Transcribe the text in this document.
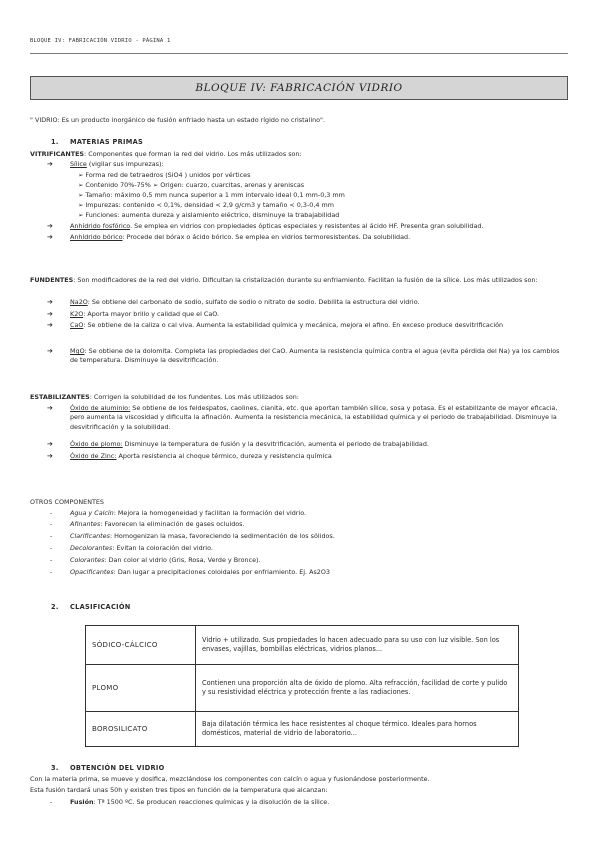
BLOQUE IV: FABRICACIÓN VIDRIO - PÁGINA 1
BLOQUE IV: FABRICACIÓN VIDRIO
" VIDRIO: Es un producto inorgánico de fusión enfriado hasta un estado rígido no cristalino".
1. MATERIAS PRIMAS
VITRIFICANTES: Componentes que forman la red del vidrio. Los más utilizados son:
➔	Sílice (vigilar sus impurezas):
➢ Forma red de tetraedros (SiO4 ) unidos por vértices
➢ Contenido 70%-75% ➢ Origen: cuarzo, cuarcitas, arenas y areniscas
➢ Tamaño: máximo 0,5 mm nunca superior a 1 mm intervalo ideal 0,1 mm-0,3 mm
➢ Impurezas: contenido < 0,1%, densidad < 2,9 g/cm3 y tamaño < 0,3-0,4 mm
➢ Funciones: aumenta dureza y aislamiento eléctrico, disminuye la trabajabilidad
➔	Anhídrido fosfórico. Se emplea en vidrios con propiedades ópticas especiales y resistentes al ácido HF. Presenta gran solubilidad.
➔	Anhídrido bórico: Procede del bórax o ácido bórico. Se emplea en vidrios termoresistentes. Da solubilidad.
FUNDENTES: Son modificadores de la red del vidrio. Dificultan la cristalización durante su enfriamiento. Facilitan la fusión de la sílice. Los más utilizados son:
➔	Na2O: Se obtiene del carbonato de sodio, sulfato de sodio o nitrato de sodio. Debilita la estructura del vidrio.
➔	K2O: Aporta mayor brillo y calidad que el CaO.
➔	CaO: Se obtiene de la caliza o cal viva. Aumenta la estabilidad química y mecánica, mejora el afino. En exceso produce desvitrificación
➔	MgO: Se obtiene de la dolomita. Completa las propiedades del CaO. Aumenta la resistencia química contra el agua (evita pérdida del Na) ya los cambios de temperatura. Disminuye la desvitrificación.
ESTABILIZANTES: Corrigen la solubilidad de los fundentes. Los más utilizados son:
➔	Óxido de aluminio: Se obtiene de los feldespatos, caolines, cianita, etc. que aportan también sílice, sosa y potasa. Es el estabilizante de mayor eficacia, pero aumenta la viscosidad y dificulta la afinación. Aumenta la resistencia mecánica, la estabilidad química y el periodo de trabajabilidad. Disminuye la desvitrificación y la solubilidad.
➔	Óxido de plomo: Disminuye la temperatura de fusión y la desvitrificación, aumenta el periodo de trabajabilidad.
➔	Óxido de Zinc: Aporta resistencia al choque térmico, dureza y resistencia química
OTROS COMPONENTES
-	Agua y Calcín: Mejora la homogeneidad y facilitan la formación del vidrio.
-	Afinantes: Favorecen la eliminación de gases ocluidos.
-	Clarificantes: Homogenizan la masa, favoreciendo la sedimentación de los sólidos.
-	Decolorantes: Evitan la coloración del vidrio.
-	Colorantes: Dan color al vidrio (Gris, Rosa, Verde y Bronce).
-	Opacificantes: Dan lugar a precipitaciones coloidales por enfriamiento. Ej. As2O3
2. CLASIFICACIÓN
SÓDICO-CÁLCICO	Vidrio + utilizado. Sus propiedades lo hacen adecuado para su uso con luz visible. Son los envases, vajillas, bombillas eléctricas, vidrios planos...
PLOMO	Contienen una proporción alta de óxido de plomo. Alta refracción, facilidad de corte y pulido y su resistividad eléctrica y protección frente a las radiaciones.
BOROSILICATO	Baja dilatación térmica les hace resistentes al choque térmico. Ideales para hornos domésticos, material de vidrio de laboratorio...
3. OBTENCIÓN DEL VIDRIO
Con la materia prima, se mueve y dosifica, mezclándose los componentes con calcín o agua y fusionándose posteriormente.
Esta fusión tardará unas 50h y existen tres tipos en función de la temperatura que alcanzan:
-	Fusión: Tª 1500 ºC. Se producen reacciones químicas y la disolución de la sílice.
